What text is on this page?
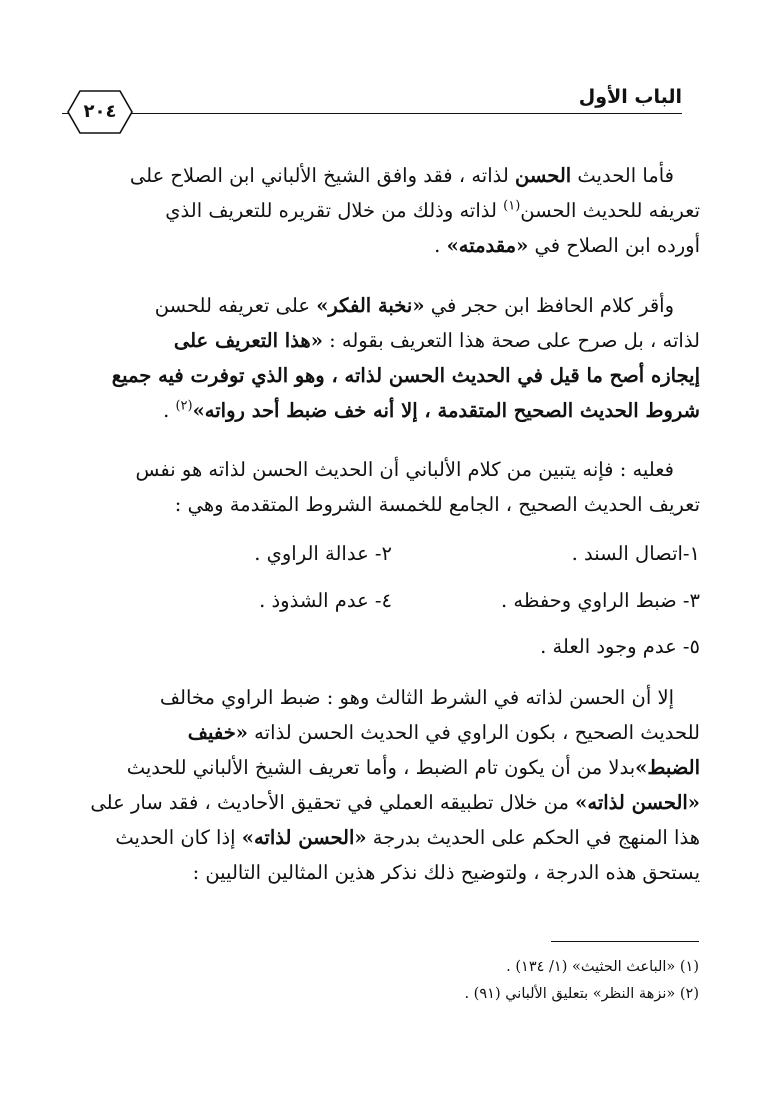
الباب الأول
٢٠٤
فأما الحديث الحسن لذاته ، فقد وافق الشيخ الألباني ابن الصلاح على
تعريفه للحديث الحسن$^{(١)}$ لذاته وذلك من خلال تقريره للتعريف الذي
أورده ابن الصلاح في «مقدمته» .
وأقر كلام الحافظ ابن حجر في «نخبة الفكر» على تعريفه للحسن
لذاته ، بل صرح على صحة هذا التعريف بقوله : «هذا التعريف على
إيجازه أصح ما قيل في الحديث الحسن لذاته ، وهو الذي توفرت فيه جميع
شروط الحديث الصحيح المتقدمة ، إلا أنه خف ضبط أحد رواته»$^{(٢)}$ .
فعليه : فإنه يتبين من كلام الألباني أن الحديث الحسن لذاته هو نفس
تعريف الحديث الصحيح ، الجامع للخمسة الشروط المتقدمة وهي :
١-اتصال السند .
٢- عدالة الراوي .
٣- ضبط الراوي وحفظه .
٤- عدم الشذوذ .
٥- عدم وجود العلة .
إلا أن الحسن لذاته في الشرط الثالث وهو : ضبط الراوي مخالف
للحديث الصحيح ، بكون الراوي في الحديث الحسن لذاته «خفيف
الضبط»بدلا من أن يكون تام الضبط ، وأما تعريف الشيخ الألباني للحديث
«الحسن لذاته» من خلال تطبيقه العملي في تحقيق الأحاديث ، فقد سار على
هذا المنهج في الحكم على الحديث بدرجة «الحسن لذاته» إذا كان الحديث
يستحق هذه الدرجة ، ولتوضيح ذلك نذكر هذين المثالين التاليين :
(١) «الباعث الحثيث» (١/ ١٣٤) .
(٢) «نزهة النظر» بتعليق الألباني (٩١) .
